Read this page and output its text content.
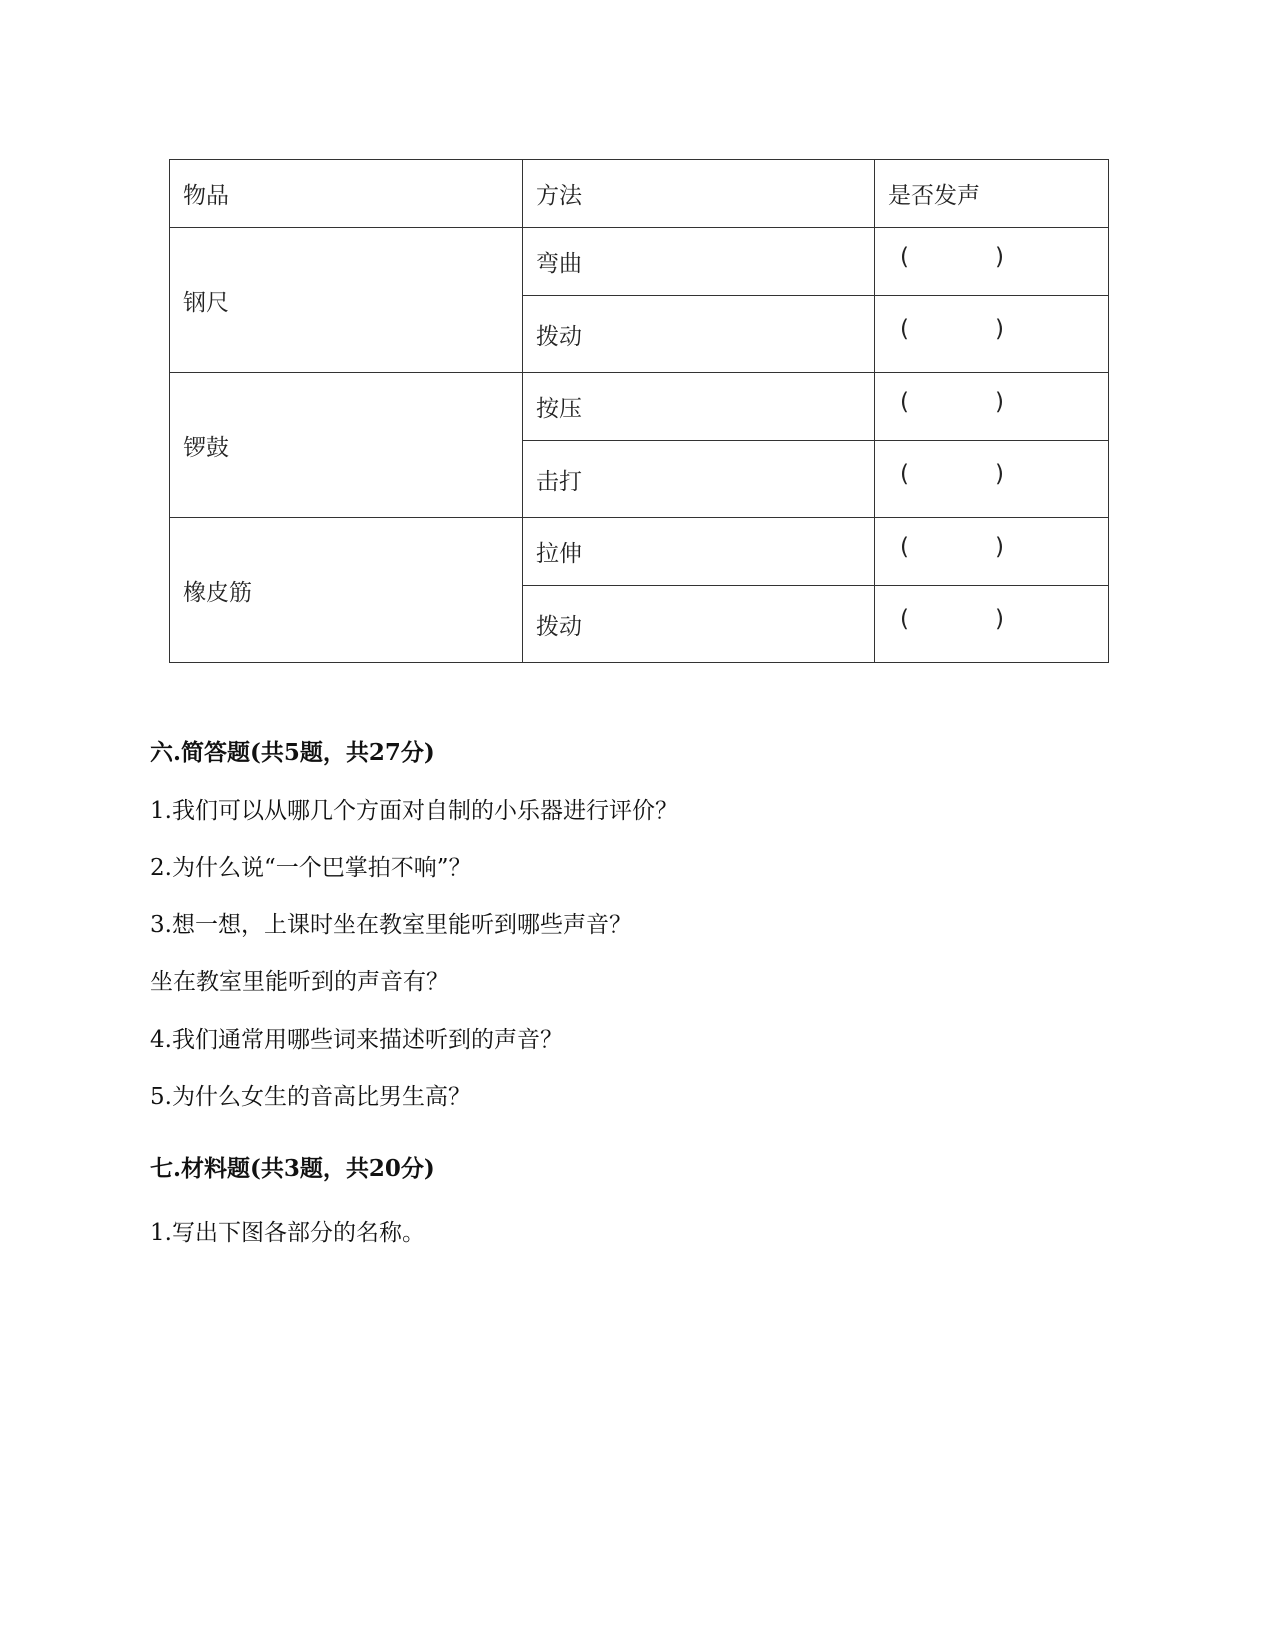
物品	方法	是否发声
钢尺	弯曲	( )

	拨动	( )

锣鼓	按压	( )

	击打	( )

橡皮筋	拉伸	( )

	拨动	( )
六.简答题(共5题，共27分)
1.我们可以从哪几个方面对自制的小乐器进行评价？
2.为什么说“一个巴掌拍不响”？
3.想一想，上课时坐在教室里能听到哪些声音？
坐在教室里能听到的声音有？
4.我们通常用哪些词来描述听到的声音？
5.为什么女生的音高比男生高？
七.材料题(共3题，共20分)
1.写出下图各部分的名称。
